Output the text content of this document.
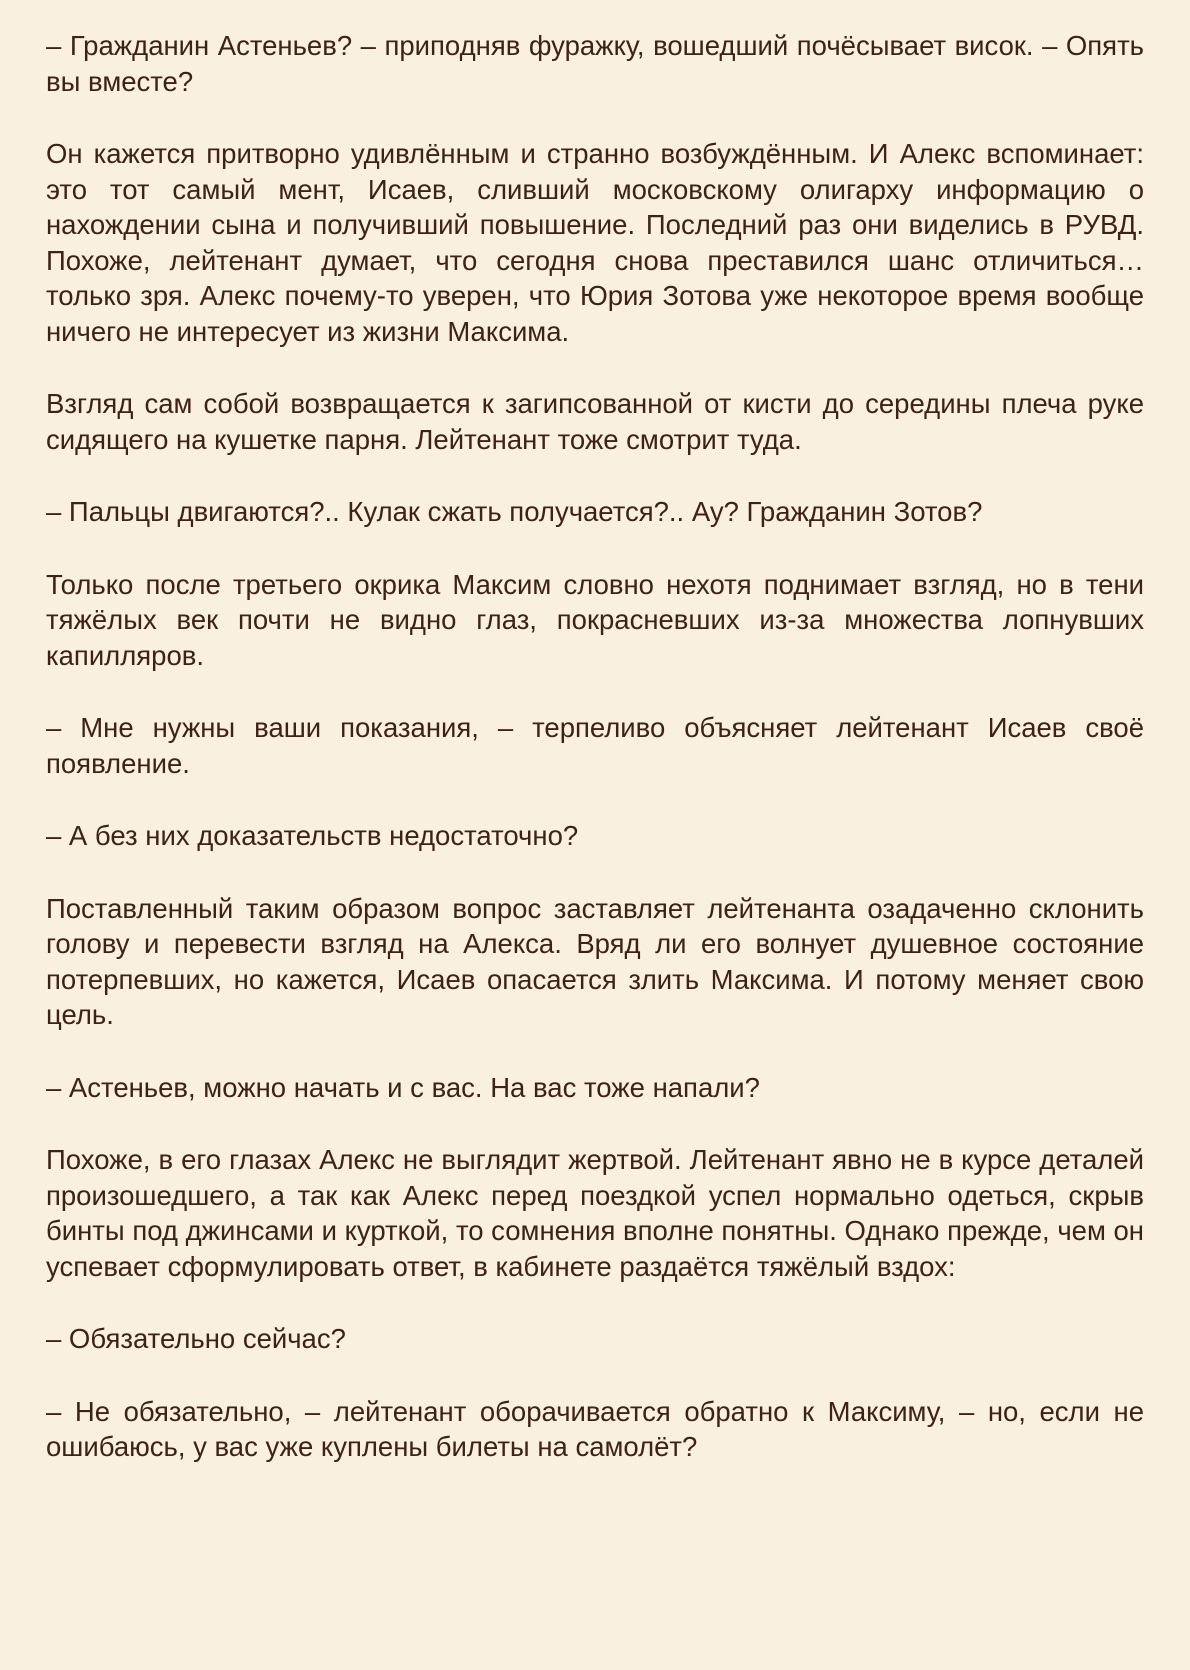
– Гражданин Астеньев? – приподняв фуражку, вошедший почёсывает висок. – Опять вы вместе?

Он кажется притворно удивлённым и странно возбуждённым. И Алекс вспоминает: это тот самый мент, Исаев, сливший московскому олигарху информацию о нахождении сына и получивший повышение. Последний раз они виделись в РУВД. Похоже, лейтенант думает, что сегодня снова преставился шанс отличиться… только зря. Алекс почему-то уверен, что Юрия Зотова уже некоторое время вообще ничего не интересует из жизни Максима.

Взгляд сам собой возвращается к загипсованной от кисти до середины плеча руке сидящего на кушетке парня. Лейтенант тоже смотрит туда.

– Пальцы двигаются?.. Кулак сжать получается?.. Ау? Гражданин Зотов?

Только после третьего окрика Максим словно нехотя поднимает взгляд, но в тени тяжёлых век почти не видно глаз, покрасневших из-за множества лопнувших капилляров.

– Мне нужны ваши показания, – терпеливо объясняет лейтенант Исаев своё появление.

– А без них доказательств недостаточно?

Поставленный таким образом вопрос заставляет лейтенанта озадаченно склонить голову и перевести взгляд на Алекса. Вряд ли его волнует душевное состояние потерпевших, но кажется, Исаев опасается злить Максима. И потому меняет свою цель.

– Астеньев, можно начать и с вас. На вас тоже напали?

Похоже, в его глазах Алекс не выглядит жертвой. Лейтенант явно не в курсе деталей произошедшего, а так как Алекс перед поездкой успел нормально одеться, скрыв бинты под джинсами и курткой, то сомнения вполне понятны. Однако прежде, чем он успевает сформулировать ответ, в кабинете раздаётся тяжёлый вздох:

– Обязательно сейчас?

– Не обязательно, – лейтенант оборачивается обратно к Максиму, – но, если не ошибаюсь, у вас уже куплены билеты на самолёт?
